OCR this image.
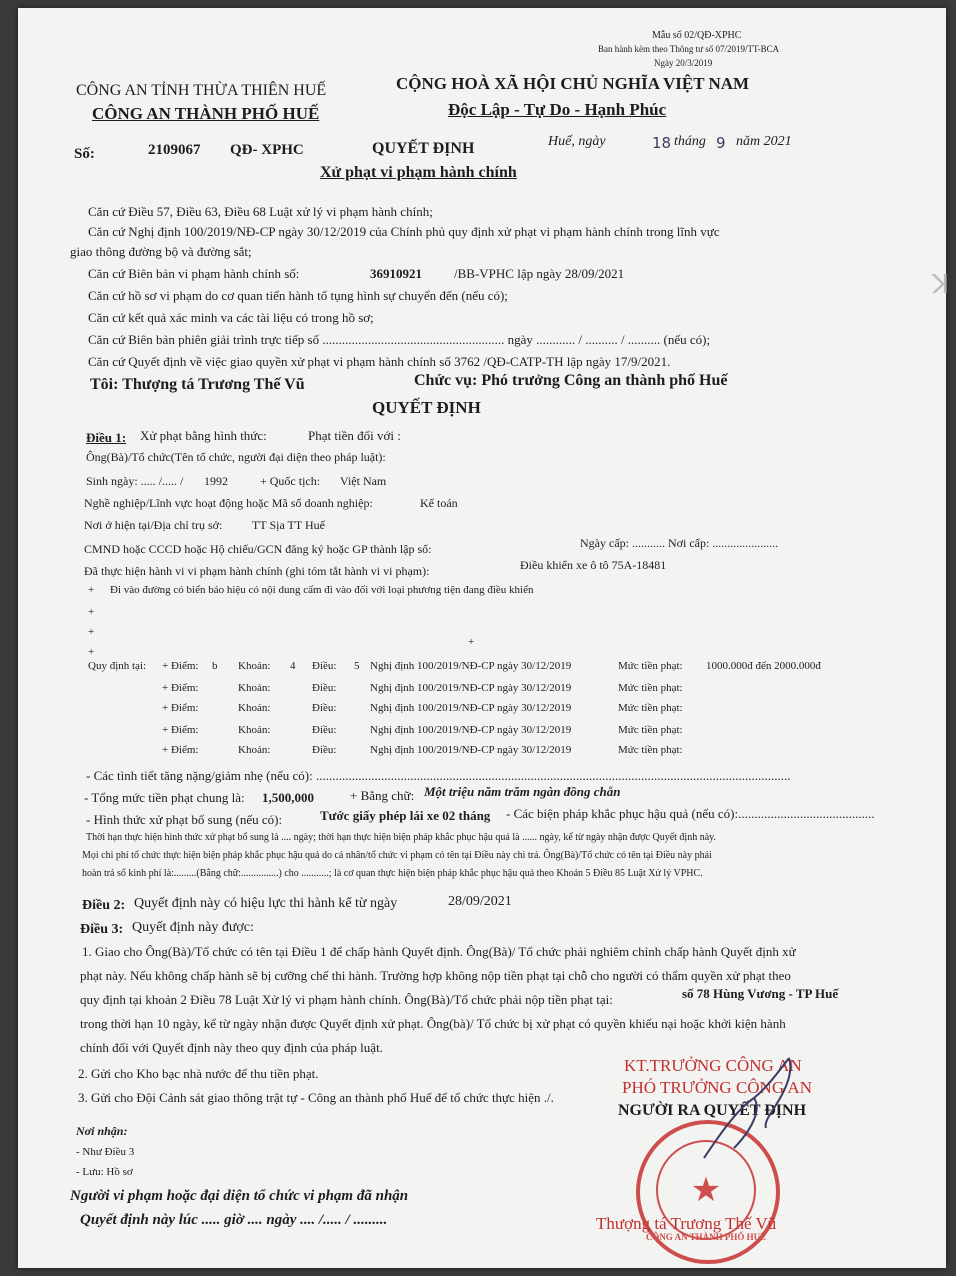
Mẫu số 02/QĐ-XPHC
Ban hành kèm theo Thông tư số 07/2019/TT-BCA
Ngày 20/3/2019
CÔNG AN TỈNH THỪA THIÊN HUẾ
CÔNG AN THÀNH PHỐ HUẾ
CỘNG HOÀ XÃ HỘI CHỦ NGHĨA VIỆT NAM
Độc Lập - Tự Do - Hạnh Phúc
Số:	2109067 QĐ- XPHC	QUYẾT ĐỊNH	Huế, ngày	18 tháng 9 năm 2021
Xử phạt vi phạm hành chính
Căn cứ Điều 57, Điều 63, Điều 68 Luật xử lý vi phạm hành chính;
Căn cứ Nghị định 100/2019/NĐ-CP ngày 30/12/2019 của Chính phủ quy định xử phạt vi phạm hành chính trong lĩnh vực
giao thông đường bộ và đường sắt;
Căn cứ Biên bản vi phạm hành chính số:	36910921 /BB-VPHC lập ngày 28/09/2021
Căn cứ hồ sơ vi phạm do cơ quan tiến hành tố tụng hình sự chuyển đến (nếu có);
Căn cứ kết quả xác minh va các tài liệu có trong hồ sơ;
Căn cứ Biên bản phiên giải trình trực tiếp số ........................................................ ngày ............ / .......... / .......... (nếu có);
Căn cứ Quyết định về việc giao quyền xử phạt vi phạm hành chính số 3762 /QĐ-CATP-TH lập ngày 17/9/2021.
Tôi: Thượng tá Trương Thế Vũ	Chức vụ: Phó trưởng Công an thành phố Huế
QUYẾT ĐỊNH
Điều 1: Xử phạt bằng hình thức:	Phạt tiền đối với :
Ông(Bà)/Tổ chức(Tên tổ chức, người đại diện theo pháp luật):
Sinh ngày: ..... /..... / 1992	+ Quốc tịch: Việt Nam
Nghề nghiệp/Lĩnh vực hoạt động hoặc Mã số doanh nghiệp:	Kế toán
Nơi ở hiện tại/Địa chỉ trụ sở: TT Sịa TT Huế
CMND hoặc CCCD hoặc Hộ chiếu/GCN đăng ký hoặc GP thành lập số:	Ngày cấp: ........... Nơi cấp: ......................
Đã thực hiện hành vi vi phạm hành chính (ghi tóm tắt hành vi vi phạm):	Điều khiển xe ô tô 75A-18481
+ Đi vào đường có biển báo hiệu có nội dung cấm đi vào đối với loại phương tiện đang điều khiển
+
+
+
+
Quy định tại: + Điểm: b Khoản: 4 Điều: 5 Nghị định 100/2019/NĐ-CP ngày 30/12/2019	Mức tiền phạt: 1000.000đ đến 2000.000đ
+ Điểm:	Khoản:	Điều:	Nghị định 100/2019/NĐ-CP ngày 30/12/2019	Mức tiền phạt:
+ Điểm:	Khoản:	Điều:	Nghị định 100/2019/NĐ-CP ngày 30/12/2019	Mức tiền phạt:
+ Điểm:	Khoản:	Điều:	Nghị định 100/2019/NĐ-CP ngày 30/12/2019	Mức tiền phạt:
+ Điểm:	Khoản:	Điều:	Nghị định 100/2019/NĐ-CP ngày 30/12/2019	Mức tiền phạt:
- Các tình tiết tăng nặng/giảm nhẹ (nếu có): ..................................................................................................................................................
- Tổng mức tiền phạt chung là: 1,500,000	+ Bằng chữ: Một triệu năm trăm ngàn đồng chẵn
- Hình thức xử phạt bổ sung (nếu có):	Tước giấy phép lái xe 02 tháng - Các biện pháp khắc phục hậu quả (nếu có):..........................................
Thời hạn thực hiện hình thức xử phạt bổ sung là .... ngày; thời hạn thực hiện biện pháp khắc phục hậu quả là ...... ngày, kể từ ngày nhận được Quyết định này.
Mọi chi phí tổ chức thực hiện biện pháp khắc phục hậu quả do cá nhân/tổ chức vi phạm có tên tại Điều này chi trả. Ông(Bà)/Tổ chức có tên tại Điều này phải
hoàn trả số kinh phí là:.........(Bằng chữ:...............) cho ...........; là cơ quan thực hiện biện pháp khắc phục hậu quả theo Khoản 5 Điều 85 Luật Xử lý VPHC.
Điều 2: Quyết định này có hiệu lực thi hành kể từ ngày	28/09/2021
Điều 3: Quyết định này được:
1. Giao cho Ông(Bà)/Tổ chức có tên tại Điều 1 để chấp hành Quyết định. Ông(Bà)/ Tổ chức phải nghiêm chỉnh chấp hành Quyết định xử
phạt này. Nếu không chấp hành sẽ bị cưỡng chế thi hành. Trường hợp không nộp tiền phạt tại chỗ cho người có thẩm quyền xử phạt theo
quy định tại khoản 2 Điều 78 Luật Xử lý vi phạm hành chính. Ông(Bà)/Tổ chức phải nộp tiền phạt tại:	số 78 Hùng Vương - TP Huế
trong thời hạn 10 ngày, kể từ ngày nhận được Quyết định xử phạt. Ông(bà)/ Tổ chức bị xử phạt có quyền khiếu nại hoặc khởi kiện hành
chính đối với Quyết định này theo quy định của pháp luật.
2. Gửi cho Kho bạc nhà nước để thu tiền phạt.
3. Gửi cho Đội Cảnh sát giao thông trật tự - Công an thành phố Huế để tổ chức thực hiện ./.
Nơi nhận:
- Như Điều 3
- Lưu: Hồ sơ
Người vi phạm hoặc đại diện tổ chức vi phạm đã nhận
Quyết định này lúc ..... giờ .... ngày .... /..... / .........
KT.TRƯỞNG CÔNG AN
PHÓ TRƯỞNG CÔNG AN
NGƯỜI RA QUYẾT ĐỊNH
★
CÔNG AN THÀNH PHỐ HUẾ
Thượng tá Trương Thế Vũ
ꓘ
